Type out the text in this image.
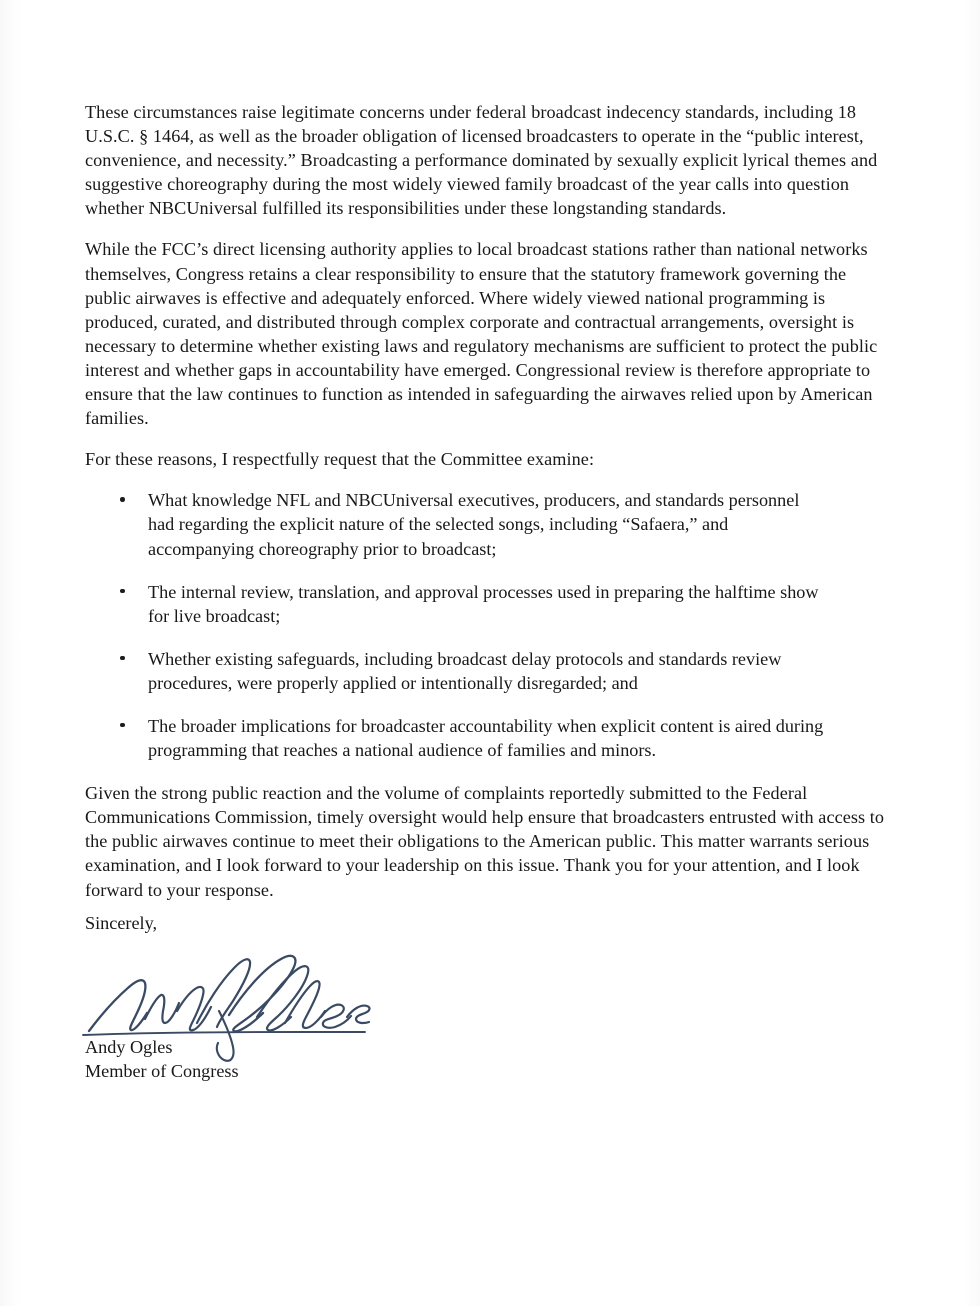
These circumstances raise legitimate concerns under federal broadcast indecency standards, including 18 U.S.C. § 1464, as well as the broader obligation of licensed broadcasters to operate in the “public interest, convenience, and necessity.” Broadcasting a performance dominated by sexually explicit lyrical themes and suggestive choreography during the most widely viewed family broadcast of the year calls into question whether NBCUniversal fulfilled its responsibilities under these longstanding standards.

While the FCC’s direct licensing authority applies to local broadcast stations rather than national networks themselves, Congress retains a clear responsibility to ensure that the statutory framework governing the public airwaves is effective and adequately enforced. Where widely viewed national programming is produced, curated, and distributed through complex corporate and contractual arrangements, oversight is necessary to determine whether existing laws and regulatory mechanisms are sufficient to protect the public interest and whether gaps in accountability have emerged. Congressional review is therefore appropriate to ensure that the law continues to function as intended in safeguarding the airwaves relied upon by American families.

For these reasons, I respectfully request that the Committee examine:

What knowledge NFL and NBCUniversal executives, producers, and standards personnel had regarding the explicit nature of the selected songs, including “Safaera,” and accompanying choreography prior to broadcast;
The internal review, translation, and approval processes used in preparing the halftime show for live broadcast;
Whether existing safeguards, including broadcast delay protocols and standards review procedures, were properly applied or intentionally disregarded; and
The broader implications for broadcaster accountability when explicit content is aired during programming that reaches a national audience of families and minors.

Given the strong public reaction and the volume of complaints reportedly submitted to the Federal Communications Commission, timely oversight would help ensure that broadcasters entrusted with access to the public airwaves continue to meet their obligations to the American public. This matter warrants serious examination, and I look forward to your leadership on this issue. Thank you for your attention, and I look forward to your response.

Sincerely,

Andy Ogles

Member of Congress
